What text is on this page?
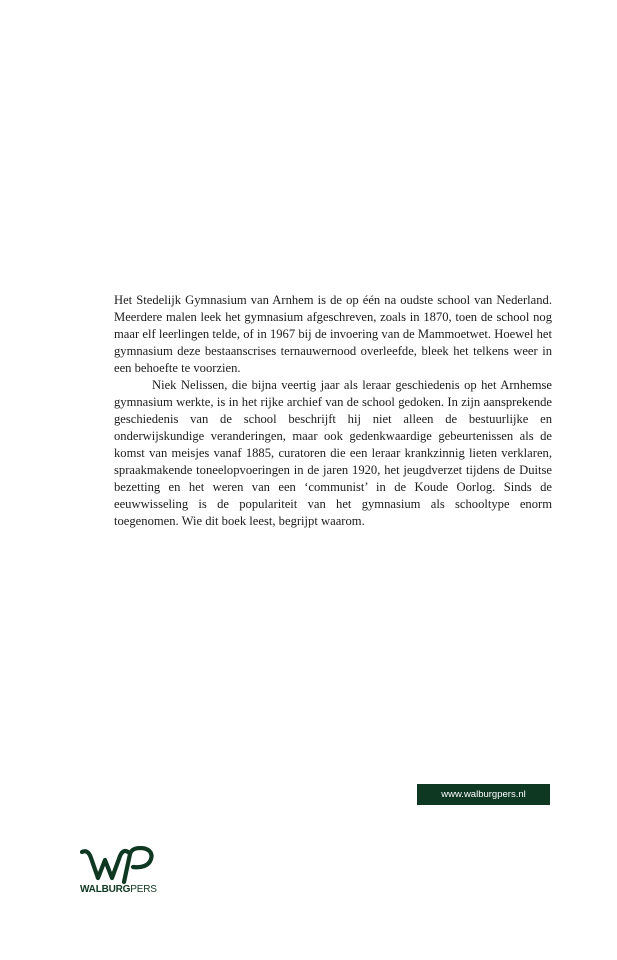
Het Stedelijk Gymnasium van Arnhem is de op één na oudste school van Nederland. Meerdere malen leek het gymnasium afgeschreven, zoals in 1870, toen de school nog maar elf leerlingen telde, of in 1967 bij de invoering van de Mammoetwet. Hoewel het gymnasium deze bestaanscrises ternauwernood overleefde, bleek het telkens weer in een behoefte te voorzien.

Niek Nelissen, die bijna veertig jaar als leraar geschiedenis op het Arnhemse gymnasium werkte, is in het rijke archief van de school gedoken. In zijn aansprekende geschiedenis van de school beschrijft hij niet alleen de bestuurlijke en onderwijskundige veranderingen, maar ook gedenkwaardige gebeurtenissen als de komst van meisjes vanaf 1885, curatoren die een leraar krankzinnig lieten verklaren, spraakmakende toneelopvoeringen in de jaren 1920, het jeugdverzet tijdens de Duitse bezetting en het weren van een ‘communist’ in de Koude Oorlog. Sinds de eeuwwisseling is de populariteit van het gymnasium als schooltype enorm toegenomen. Wie dit boek leest, begrijpt waarom.

www.walburgpers.nl
WALBURGPERS
